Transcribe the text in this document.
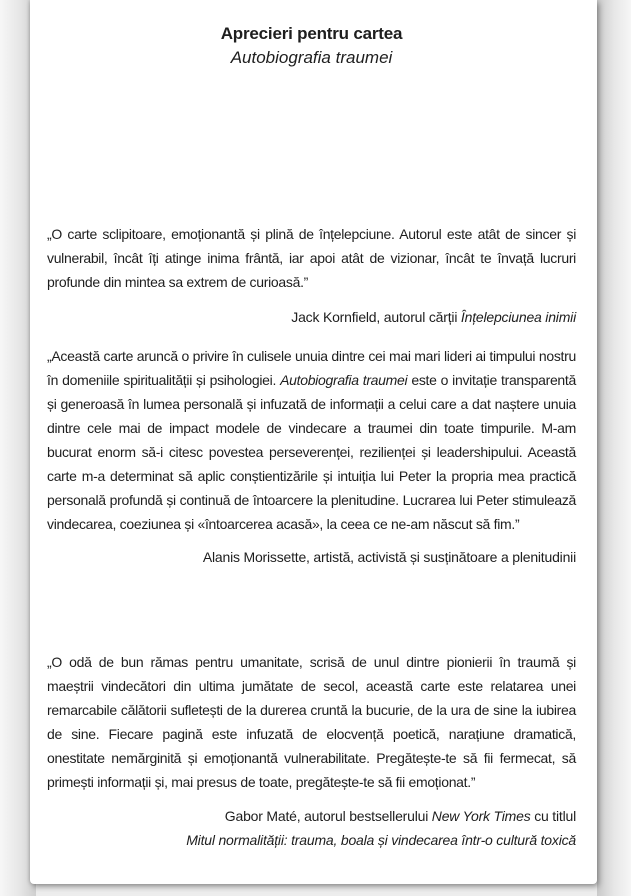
Aprecieri pentru cartea
Autobiografia traumei

„O carte sclipitoare, emoționantă și plină de înțelepciune. Autorul este atât de sincer și vulnerabil, încât îți atinge inima frântă, iar apoi atât de vizionar, încât te învață lucruri profunde din mintea sa extrem de curioasă.”

Jack Kornfield, autorul cărții Înțelepciunea inimii

„Această carte aruncă o privire în culisele unuia dintre cei mai mari lideri ai timpului nostru în domeniile spiritualității și psihologiei. Autobiografia traumei este o invitație transparentă și generoasă în lumea personală și infuzată de informații a celui care a dat naștere unuia dintre cele mai de impact modele de vindecare a traumei din toate timpurile. M-am bucurat enorm să-i citesc povestea perseverenței, rezilienței și leadershipului. Această carte m-a determinat să aplic conștientizările și intuiția lui Peter la propria mea practică personală profundă și continuă de întoarcere la plenitudine. Lucrarea lui Peter stimulează vindecarea, coeziunea și «întoarcerea acasă», la ceea ce ne-am născut să fim.”

Alanis Morissette, artistă, activistă și susținătoare a plenitudinii

„O odă de bun rămas pentru umanitate, scrisă de unul dintre pionierii în traumă și maeștrii vindecători din ultima jumătate de secol, această carte este relatarea unei remarcabile călătorii sufletești de la durerea cruntă la bucurie, de la ura de sine la iubirea de sine. Fiecare pagină este infuzată de elocvență poetică, narațiune dramatică, onestitate nemărginită și emoționantă vulnerabilitate. Pregătește-te să fii fermecat, să primești informații și, mai presus de toate, pregătește-te să fii emoționat.”

Gabor Maté, autorul bestsellerului New York Times cu titlul
Mitul normalității: trauma, boala și vindecarea într-o cultură toxică
